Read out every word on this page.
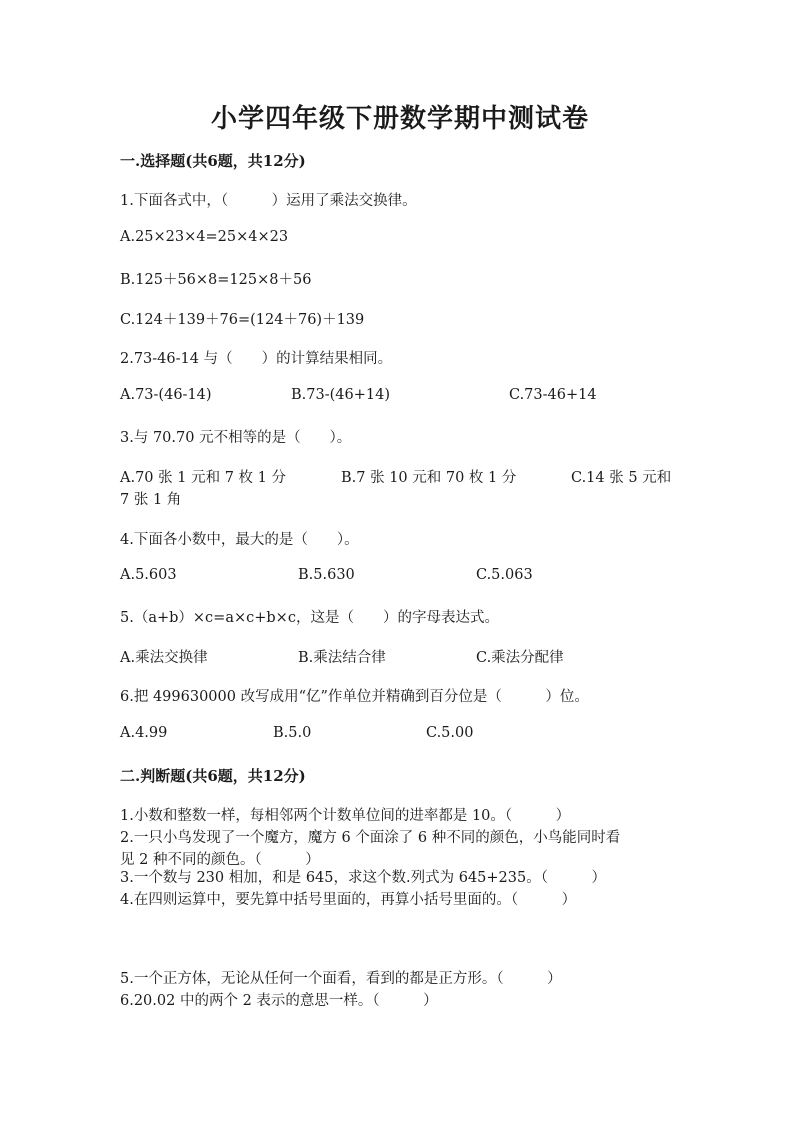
小学四年级下册数学期中测试卷
一.选择题(共6题，共12分)
1.下面各式中，（　　　）运用了乘法交换律。
A.25×23×4=25×4×23
B.125＋56×8=125×8＋56
C.124＋139＋76=(124＋76)＋139
2.73-46-14 与（　　）的计算结果相同。
A.73-(46-14)	B.73-(46+14)	C.73-46+14
3.与 70.70 元不相等的是（　　）。
A.70 张 1 元和 7 枚 1 分	B.7 张 10 元和 70 枚 1 分	C.14 张 5 元和
7 张 1 角
4.下面各小数中，最大的是（　　）。
A.5.603	B.5.630	C.5.063
5.（a+b）×c=a×c+b×c，这是（　　）的字母表达式。
A.乘法交换律	B.乘法结合律	C.乘法分配律
6.把 499630000 改写成用“亿”作单位并精确到百分位是（　　　）位。
A.4.99	B.5.0	C.5.00
二.判断题(共6题，共12分)
1.小数和整数一样，每相邻两个计数单位间的进率都是 10。（　　　）
2.一只小鸟发现了一个魔方，魔方 6 个面涂了 6 种不同的颜色，小鸟能同时看
见 2 种不同的颜色。（　　　）
3.一个数与 230 相加，和是 645，求这个数.列式为 645+235。（　　　）
4.在四则运算中，要先算中括号里面的，再算小括号里面的。（　　　）
5.一个正方体，无论从任何一个面看，看到的都是正方形。（　　　）
6.20.02 中的两个 2 表示的意思一样。（　　　）
